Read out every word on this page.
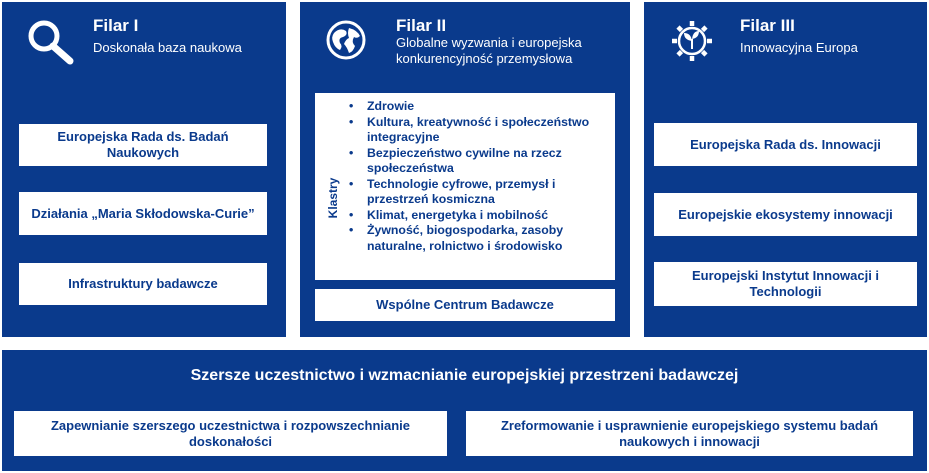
Filar I
Doskonała baza naukowa
Europejska Rada ds. Badań Naukowych
Działania „Maria Skłodowska-Curie”
Infrastruktury badawcze
Filar II
Globalne wyzwania i europejska konkurencyjność przemysłowa
Klastry
• Zdrowie
• Kultura, kreatywność i społeczeństwo integracyjne
• Bezpieczeństwo cywilne na rzecz społeczeństwa
• Technologie cyfrowe, przemysł i przestrzeń kosmiczna
• Klimat, energetyka i mobilność
• Żywność, biogospodarka, zasoby naturalne, rolnictwo i środowisko
Wspólne Centrum Badawcze
Filar III
Innowacyjna Europa
Europejska Rada ds. Innowacji
Europejskie ekosystemy innowacji
Europejski Instytut Innowacji i Technologii
Szersze uczestnictwo i wzmacnianie europejskiej przestrzeni badawczej
Zapewnianie szerszego uczestnictwa i rozpowszechnianie doskonałości
Zreformowanie i usprawnienie europejskiego systemu badań naukowych i innowacji
